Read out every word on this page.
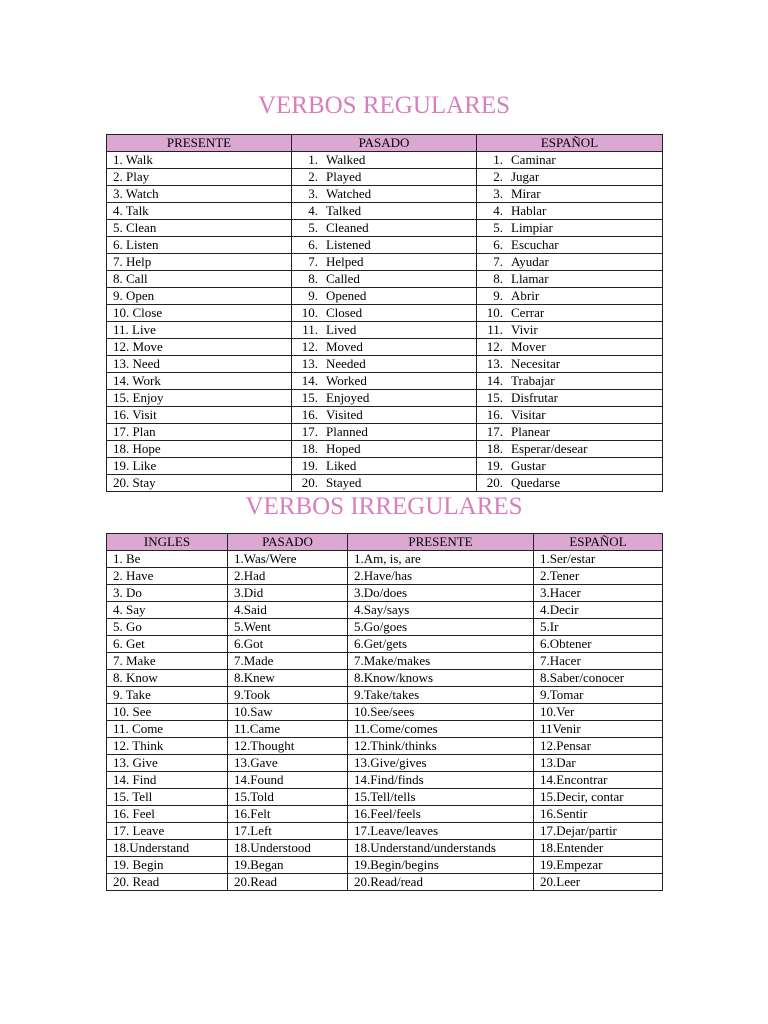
VERBOS REGULARES
PRESENTE	PASADO	ESPAÑOL
1. Walk	1. Walked	1. Caminar
2. Play	2. Played	2. Jugar
3. Watch	3. Watched	3. Mirar
4. Talk	4. Talked	4. Hablar
5. Clean	5. Cleaned	5. Limpiar
6. Listen	6. Listened	6. Escuchar
7. Help	7. Helped	7. Ayudar
8. Call	8. Called	8. Llamar
9. Open	9. Opened	9. Abrir
10. Close	10. Closed	10. Cerrar
11. Live	11. Lived	11. Vivir
12. Move	12. Moved	12. Mover
13. Need	13. Needed	13. Necesitar
14. Work	14. Worked	14. Trabajar
15. Enjoy	15. Enjoyed	15. Disfrutar
16. Visit	16. Visited	16. Visitar
17. Plan	17. Planned	17. Planear
18. Hope	18. Hoped	18. Esperar/desear
19. Like	19. Liked	19. Gustar
20. Stay	20. Stayed	20. Quedarse
VERBOS IRREGULARES
INGLES	PASADO	PRESENTE	ESPAÑOL
1. Be	1.Was/Were	1.Am, is, are	1.Ser/estar
2. Have	2.Had	2.Have/has	2.Tener
3. Do	3.Did	3.Do/does	3.Hacer
4. Say	4.Said	4.Say/says	4.Decir
5. Go	5.Went	5.Go/goes	5.Ir
6. Get	6.Got	6.Get/gets	6.Obtener
7. Make	7.Made	7.Make/makes	7.Hacer
8. Know	8.Knew	8.Know/knows	8.Saber/conocer
9. Take	9.Took	9.Take/takes	9.Tomar
10. See	10.Saw	10.See/sees	10.Ver
11. Come	11.Came	11.Come/comes	11Venir
12. Think	12.Thought	12.Think/thinks	12.Pensar
13. Give	13.Gave	13.Give/gives	13.Dar
14. Find	14.Found	14.Find/finds	14.Encontrar
15. Tell	15.Told	15.Tell/tells	15.Decir, contar
16. Feel	16.Felt	16.Feel/feels	16.Sentir
17. Leave	17.Left	17.Leave/leaves	17.Dejar/partir
18.Understand	18.Understood	18.Understand/understands	18.Entender
19. Begin	19.Began	19.Begin/begins	19.Empezar
20. Read	20.Read	20.Read/read	20.Leer
